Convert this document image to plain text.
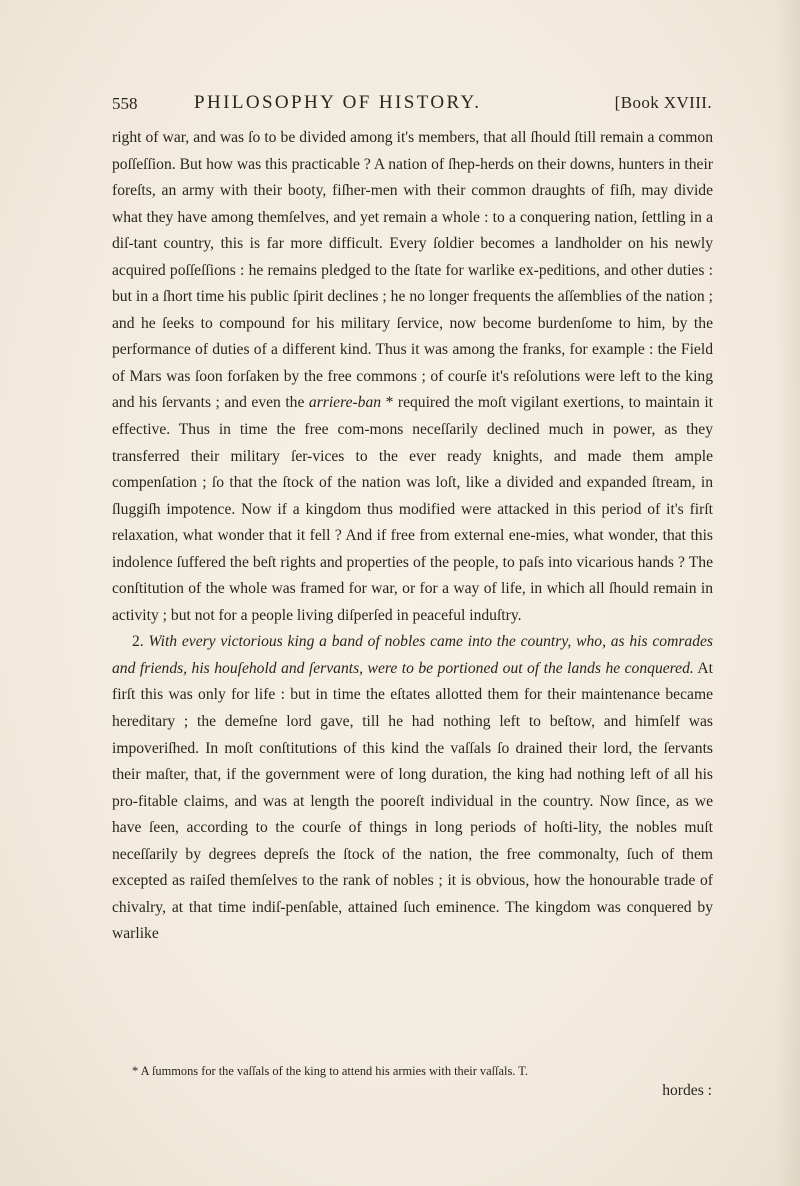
558	PHILOSOPHY OF HISTORY.	[Book XVIII.

right of war, and was ſo to be divided among it's members, that all ſhould ſtill remain a common poſſeſſion. But how was this practicable ? A nation of ſhep-herds on their downs, hunters in their foreſts, an army with their booty, fiſher-men with their common draughts of fiſh, may divide what they have among themſelves, and yet remain a whole : to a conquering nation, ſettling in a diſ-tant country, this is far more difficult. Every ſoldier becomes a landholder on his newly acquired poſſeſſions : he remains pledged to the ſtate for warlike ex-peditions, and other duties : but in a ſhort time his public ſpirit declines ; he no longer frequents the aſſemblies of the nation ; and he ſeeks to compound for his military ſervice, now become burdenſome to him, by the performance of duties of a different kind. Thus it was among the franks, for example : the Field of Mars was ſoon forſaken by the free commons ; of courſe it's reſolutions were left to the king and his ſervants ; and even the arriere-ban * required the moſt vigilant exertions, to maintain it effective. Thus in time the free com-mons neceſſarily declined much in power, as they transferred their military ſer-vices to the ever ready knights, and made them ample compenſation ; ſo that the ſtock of the nation was loſt, like a divided and expanded ſtream, in ſluggiſh impotence. Now if a kingdom thus modified were attacked in this period of it's firſt relaxation, what wonder that it fell ? And if free from external ene-mies, what wonder, that this indolence ſuffered the beſt rights and properties of the people, to paſs into vicarious hands ? The conſtitution of the whole was framed for war, or for a way of life, in which all ſhould remain in activity ; but not for a people living diſperſed in peaceful induſtry.

2. With every victorious king a band of nobles came into the country, who, as his comrades and friends, his houſehold and ſervants, were to be portioned out of the lands he conquered. At firſt this was only for life : but in time the eſtates allotted them for their maintenance became hereditary ; the demeſne lord gave, till he had nothing left to beſtow, and himſelf was impoveriſhed. In moſt conſtitutions of this kind the vaſſals ſo drained their lord, the ſervants their maſter, that, if the government were of long duration, the king had nothing left of all his pro-fitable claims, and was at length the pooreſt individual in the country. Now ſince, as we have ſeen, according to the courſe of things in long periods of hoſti-lity, the nobles muſt neceſſarily by degrees depreſs the ſtock of the nation, the free commonalty, ſuch of them excepted as raiſed themſelves to the rank of nobles ; it is obvious, how the honourable trade of chivalry, at that time indiſ-penſable, attained ſuch eminence. The kingdom was conquered by warlike

* A ſummons for the vaſſals of the king to attend his armies with their vaſſals. T.
hordes :
